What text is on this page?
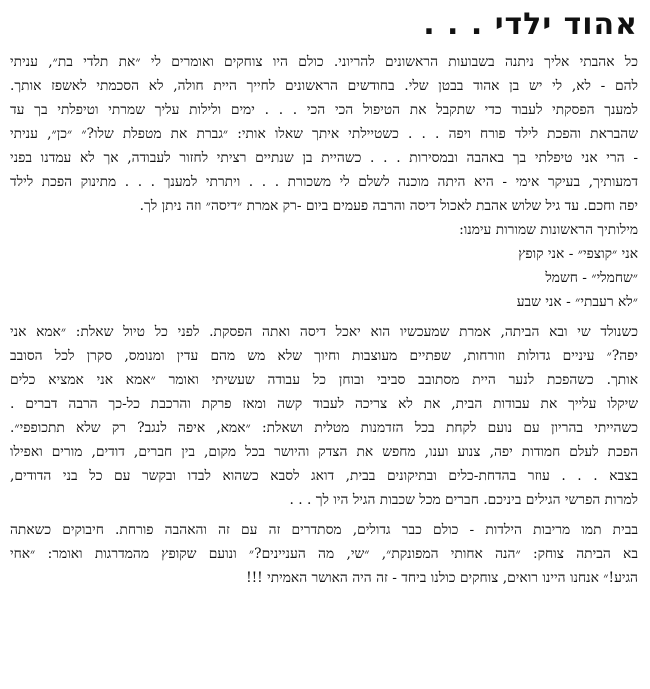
אהוד ילדי . . .
כל אהבתי אליך ניתנה בשבועות הראשונים להריוני. כולם היו צוחקים ואומרים לי ״את תלדי בת״, עניתי
להם - לא, לי יש בן אהוד בבטן שלי. בחודשים הראשונים לחייך היית חולה, לא הסכמתי לאשפז אותך.
למענך הפסקתי לעבוד כדי שתקבל את הטיפול הכי הכי . . . ימים ולילות עליך שמרתי וטיפלתי בך עד
שהבראת והפכת לילד פורח ויפה . . . כשטיילתי איתך שאלו אותי: ״גברת את מטפלת שלו?״ ״כן״, עניתי
- הרי אני טיפלתי בך באהבה ובמסירות . . . כשהיית בן שנתיים רציתי לחזור לעבודה, אך לא עמדנו בפני
דמעותיך, בעיקר אימי - היא היתה מוכנה לשלם לי משכורת . . . ויתרתי למענך . . . מתינוק הפכת לילד
יפה וחכם. עד גיל שלוש אהבת לאכול דיסה והרבה פעמים ביום -רק אמרת ״דיסה״ וזה ניתן לך.
מילותיך הראשונות שמורות עימנו:
אני ״קוצפי״ - אני קופץ
״שחמלי״ - חשמל
״לא רעבתי״ - אני שבע
כשנולד שי ובא הביתה, אמרת שמעכשיו הוא יאכל דיסה ואתה הפסקת. לפני כל טיול שאלת: ״אמא אני
יפה?״ עיניים גדולות וזורחות, שפתיים מעוצבות וחיוך שלא מש מהם עדין ומנומס, סקרן לכל הסובב
אותך. כשהפכת לנער היית מסתובב סביבי ובוחן כל עבודה שעשיתי ואומר ״אמא אני אמציא כלים
שיקלו עלייך את עבודות הבית, את לא צריכה לעבוד קשה ומאז פרקת והרכבת כל-כך הרבה דברים .
כשהייתי בהריון עם נועם לקחת בכל הזדמנות מטלית ושאלת: ״אמא, איפה לנגב? רק שלא תתכופפי״.
הפכת לעלם חמודות יפה, צנוע וענו, מחפש את הצדק והיושר בכל מקום, בין חברים, דודים, מורים ואפילו
בצבא . . . עוזר בהדחת-כלים ובתיקונים בבית, דואג לסבא כשהוא לבדו ובקשר עם כל בני הדודים,
למרות הפרשי הגילים ביניכם. חברים מכל שכבות הגיל היו לך . . .
בבית תמו מריבות הילדות - כולם כבר גדולים, מסתדרים זה עם זה והאהבה פורחת. חיבוקים כשאתה
בא הביתה צוחק: ״הנה אחותי המפונקת״, ״שי, מה העניינים?״ ונועם שקופץ מהמדרגות ואומר: ״אחי
הגיע!״ אנחנו היינו רואים, צוחקים כולנו ביחד - זה היה האושר האמיתי !!!
